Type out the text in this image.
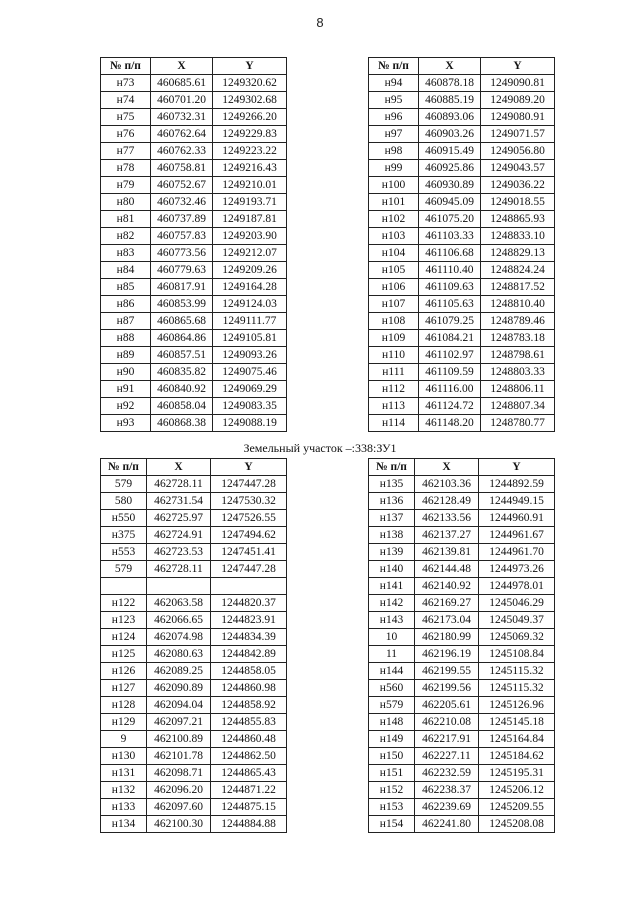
8
№ п/п	X	Y
н73	460685.61	1249320.62
н74	460701.20	1249302.68
н75	460732.31	1249266.20
н76	460762.64	1249229.83
н77	460762.33	1249223.22
н78	460758.81	1249216.43
н79	460752.67	1249210.01
н80	460732.46	1249193.71
н81	460737.89	1249187.81
н82	460757.83	1249203.90
н83	460773.56	1249212.07
н84	460779.63	1249209.26
н85	460817.91	1249164.28
н86	460853.99	1249124.03
н87	460865.68	1249111.77
н88	460864.86	1249105.81
н89	460857.51	1249093.26
н90	460835.82	1249075.46
н91	460840.92	1249069.29
н92	460858.04	1249083.35
н93	460868.38	1249088.19
№ п/п	X	Y
н94	460878.18	1249090.81
н95	460885.19	1249089.20
н96	460893.06	1249080.91
н97	460903.26	1249071.57
н98	460915.49	1249056.80
н99	460925.86	1249043.57
н100	460930.89	1249036.22
н101	460945.09	1249018.55
н102	461075.20	1248865.93
н103	461103.33	1248833.10
н104	461106.68	1248829.13
н105	461110.40	1248824.24
н106	461109.63	1248817.52
н107	461105.63	1248810.40
н108	461079.25	1248789.46
н109	461084.21	1248783.18
н110	461102.97	1248798.61
н111	461109.59	1248803.33
н112	461116.00	1248806.11
н113	461124.72	1248807.34
н114	461148.20	1248780.77
Земельный участок –:338:ЗУ1
№ п/п	X	Y
579	462728.11	1247447.28
580	462731.54	1247530.32
н550	462725.97	1247526.55
н375	462724.91	1247494.62
н553	462723.53	1247451.41
579	462728.11	1247447.28

н122	462063.58	1244820.37
н123	462066.65	1244823.91
н124	462074.98	1244834.39
н125	462080.63	1244842.89
н126	462089.25	1244858.05
н127	462090.89	1244860.98
н128	462094.04	1244858.92
н129	462097.21	1244855.83
9	462100.89	1244860.48
н130	462101.78	1244862.50
н131	462098.71	1244865.43
н132	462096.20	1244871.22
н133	462097.60	1244875.15
н134	462100.30	1244884.88
№ п/п	X	Y
н135	462103.36	1244892.59
н136	462128.49	1244949.15
н137	462133.56	1244960.91
н138	462137.27	1244961.67
н139	462139.81	1244961.70
н140	462144.48	1244973.26
н141	462140.92	1244978.01
н142	462169.27	1245046.29
н143	462173.04	1245049.37
10	462180.99	1245069.32
11	462196.19	1245108.84
н144	462199.55	1245115.32
н560	462199.56	1245115.32
н579	462205.61	1245126.96
н148	462210.08	1245145.18
н149	462217.91	1245164.84
н150	462227.11	1245184.62
н151	462232.59	1245195.31
н152	462238.37	1245206.12
н153	462239.69	1245209.55
н154	462241.80	1245208.08
